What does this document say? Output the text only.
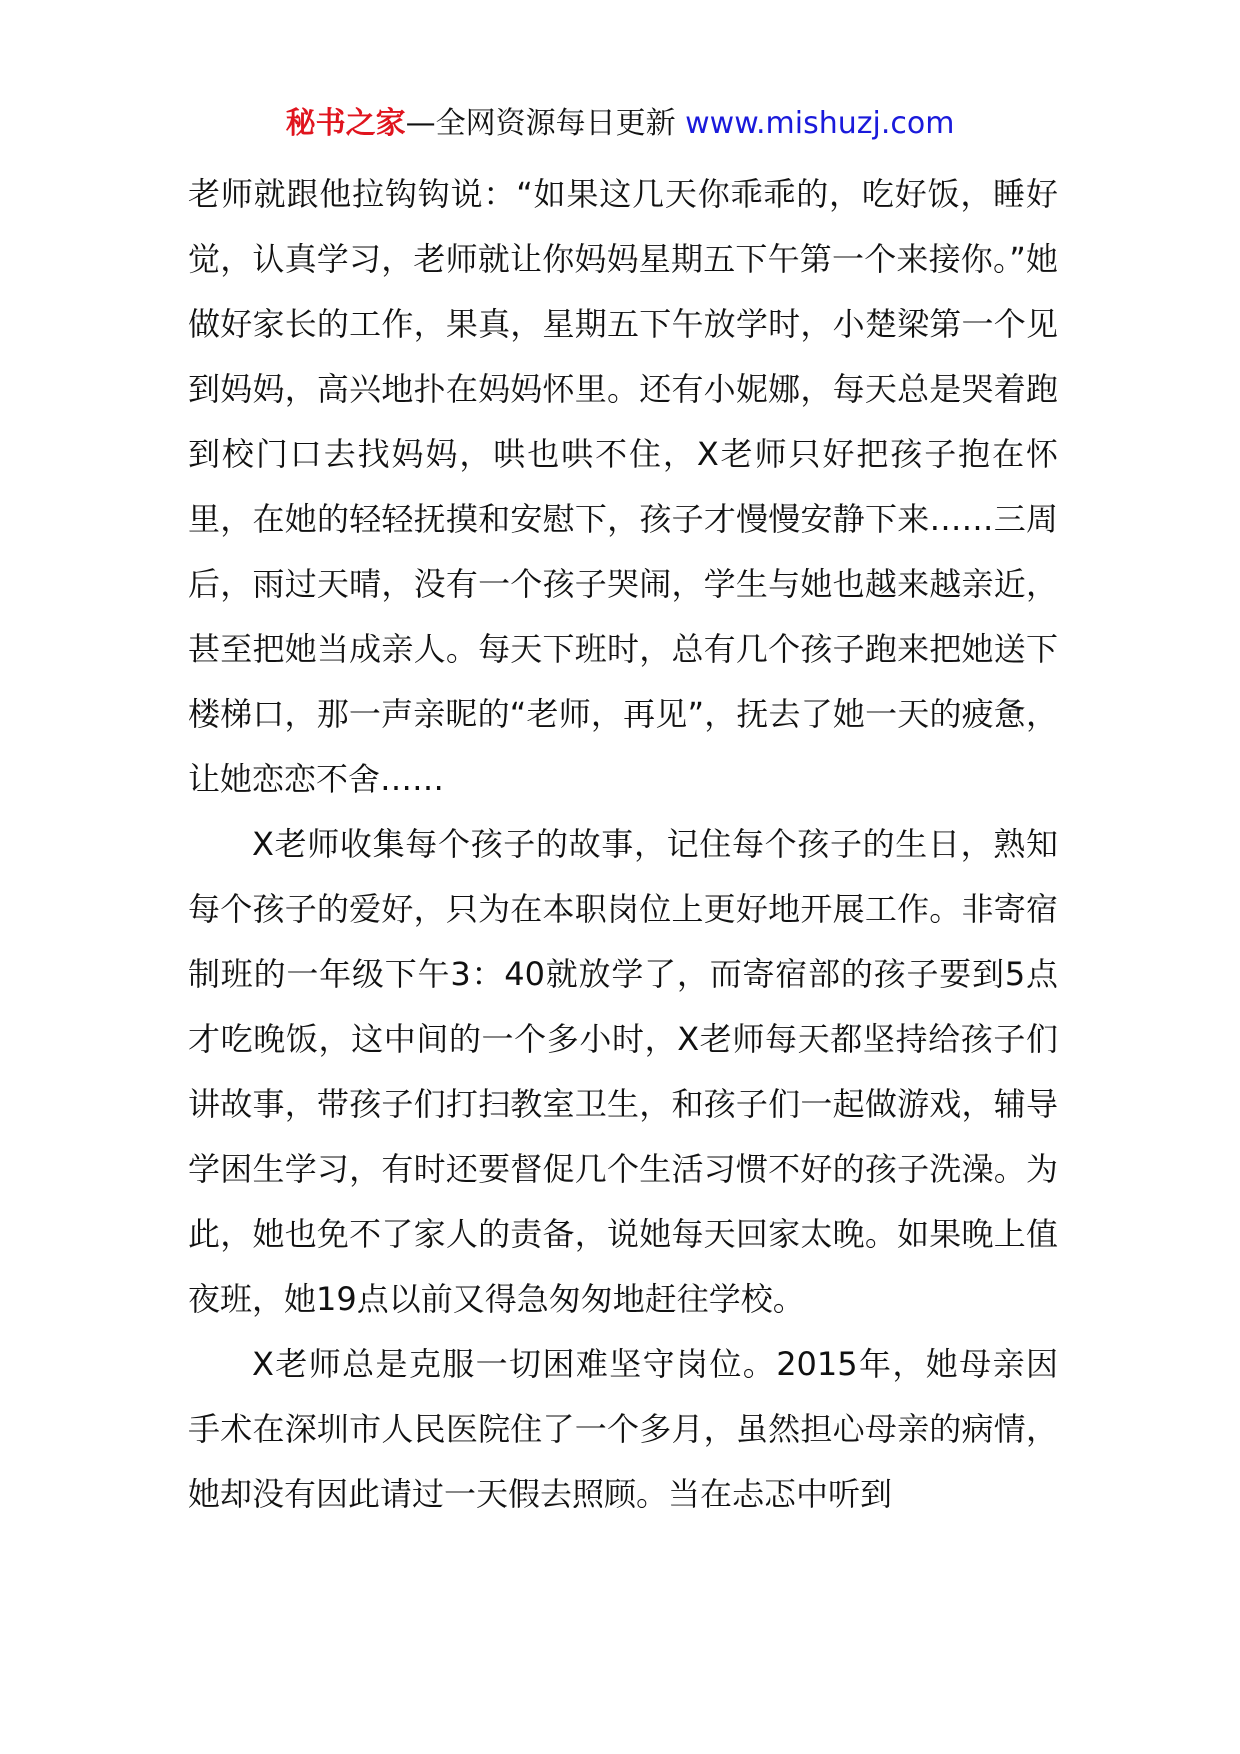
秘书之家—全网资源每日更新 www.mishuzj.com

老师就跟他拉钩钩说：“如果这几天你乖乖的，吃好饭，睡好觉，认真学习，老师就让你妈妈星期五下午第一个来接你。”她做好家长的工作，果真，星期五下午放学时，小楚梁第一个见到妈妈，高兴地扑在妈妈怀里。还有小妮娜，每天总是哭着跑到校门口去找妈妈，哄也哄不住，X老师只好把孩子抱在怀里，在她的轻轻抚摸和安慰下，孩子才慢慢安静下来……三周后，雨过天晴，没有一个孩子哭闹，学生与她也越来越亲近，甚至把她当成亲人。每天下班时，总有几个孩子跑来把她送下楼梯口，那一声亲昵的“老师，再见”，抚去了她一天的疲惫，让她恋恋不舍……

X老师收集每个孩子的故事，记住每个孩子的生日，熟知每个孩子的爱好，只为在本职岗位上更好地开展工作。非寄宿制班的一年级下午3：40就放学了，而寄宿部的孩子要到5点才吃晚饭，这中间的一个多小时，X老师每天都坚持给孩子们讲故事，带孩子们打扫教室卫生，和孩子们一起做游戏，辅导学困生学习，有时还要督促几个生活习惯不好的孩子洗澡。为此，她也免不了家人的责备，说她每天回家太晚。如果晚上值夜班，她19点以前又得急匆匆地赶往学校。

X老师总是克服一切困难坚守岗位。2015年，她母亲因手术在深圳市人民医院住了一个多月，虽然担心母亲的病情，她却没有因此请过一天假去照顾。当在忐忑中听到
